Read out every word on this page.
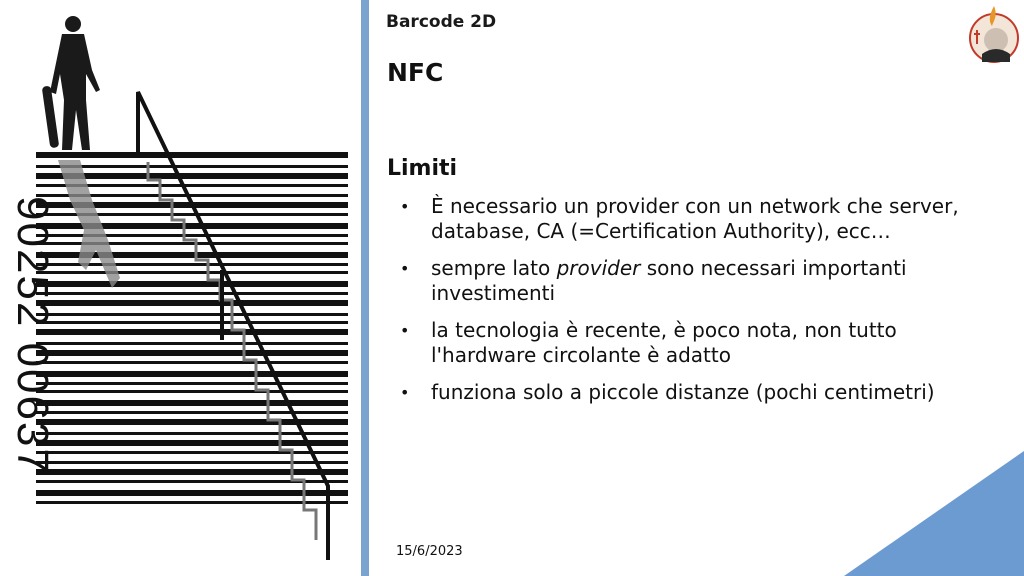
90252 00637
Barcode 2D
NFC
Limiti
• È necessario un provider con un network che server, database, CA (=Certification Authority), ecc…
• sempre lato provider sono necessari importanti investimenti
• la tecnologia è recente, è poco nota, non tutto l'hardware circolante è adatto
• funziona solo a piccole distanze (pochi centimetri)
15/6/2023
